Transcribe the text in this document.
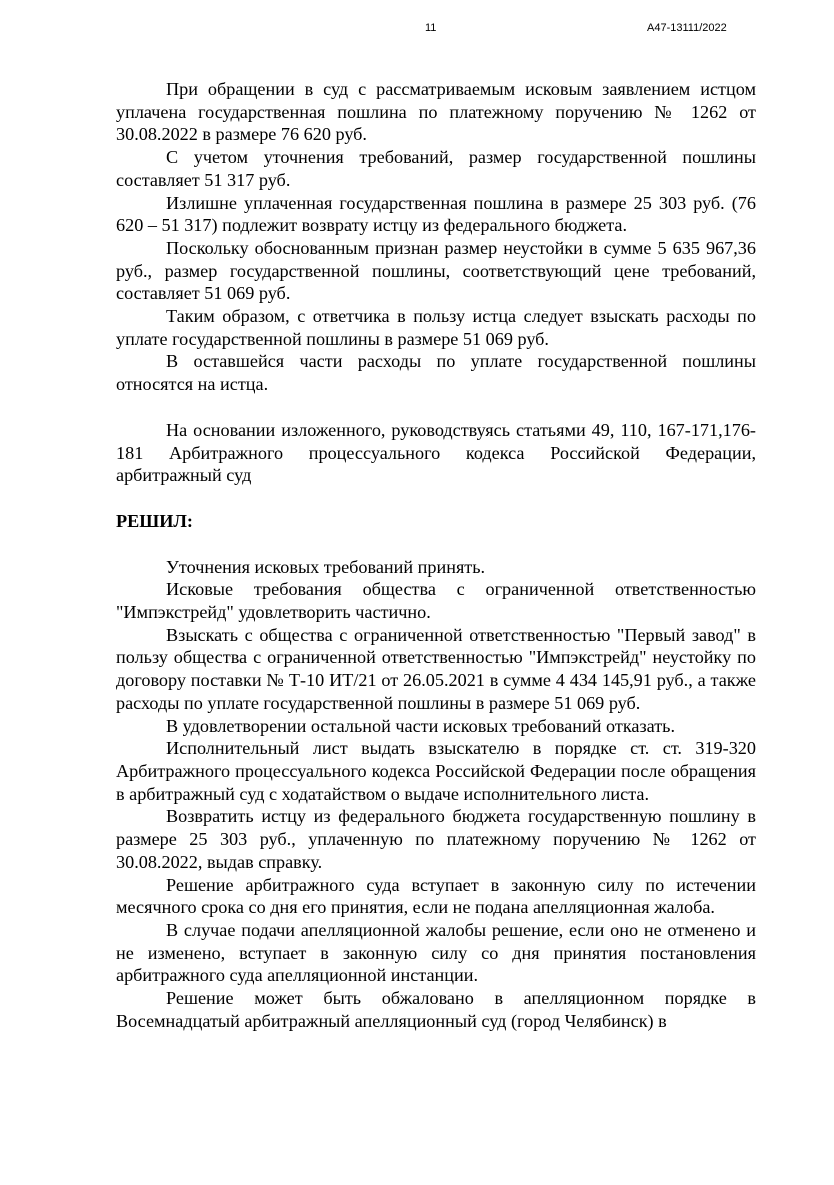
11	А47-13111/2022

При обращении в суд с рассматриваемым исковым заявлением истцом уплачена государственная пошлина по платежному поручению № 1262 от 30.08.2022 в размере 76 620 руб.

С учетом уточнения требований, размер государственной пошлины составляет 51 317 руб.

Излишне уплаченная государственная пошлина в размере 25 303 руб. (76 620 – 51 317) подлежит возврату истцу из федерального бюджета.

Поскольку обоснованным признан размер неустойки в сумме 5 635 967,36 руб., размер государственной пошлины, соответствующий цене требований, составляет 51 069 руб.

Таким образом, с ответчика в пользу истца следует взыскать расходы по уплате государственной пошлины в размере 51 069 руб.

В оставшейся части расходы по уплате государственной пошлины относятся на истца.

На основании изложенного, руководствуясь статьями 49, 110, 167-171,176-181 Арбитражного процессуального кодекса Российской Федерации, арбитражный суд

РЕШИЛ:

Уточнения исковых требований принять.

Исковые требования общества с ограниченной ответственностью "Импэкстрейд" удовлетворить частично.

Взыскать с общества с ограниченной ответственностью "Первый завод" в пользу общества с ограниченной ответственностью "Импэкстрейд" неустойку по договору поставки № Т-10 ИТ/21 от 26.05.2021 в сумме 4 434 145,91 руб., а также расходы по уплате государственной пошлины в размере 51 069 руб.

В удовлетворении остальной части исковых требований отказать.

Исполнительный лист выдать взыскателю в порядке ст. ст. 319-320 Арбитражного процессуального кодекса Российской Федерации после обращения в арбитражный суд с ходатайством о выдаче исполнительного листа.

Возвратить истцу из федерального бюджета государственную пошлину в размере 25 303 руб., уплаченную по платежному поручению № 1262 от 30.08.2022, выдав справку.

Решение арбитражного суда вступает в законную силу по истечении месячного срока со дня его принятия, если не подана апелляционная жалоба.

В случае подачи апелляционной жалобы решение, если оно не отменено и не изменено, вступает в законную силу со дня принятия постановления арбитражного суда апелляционной инстанции.

Решение может быть обжаловано в апелляционном порядке в Восемнадцатый арбитражный апелляционный суд (город Челябинск) в
